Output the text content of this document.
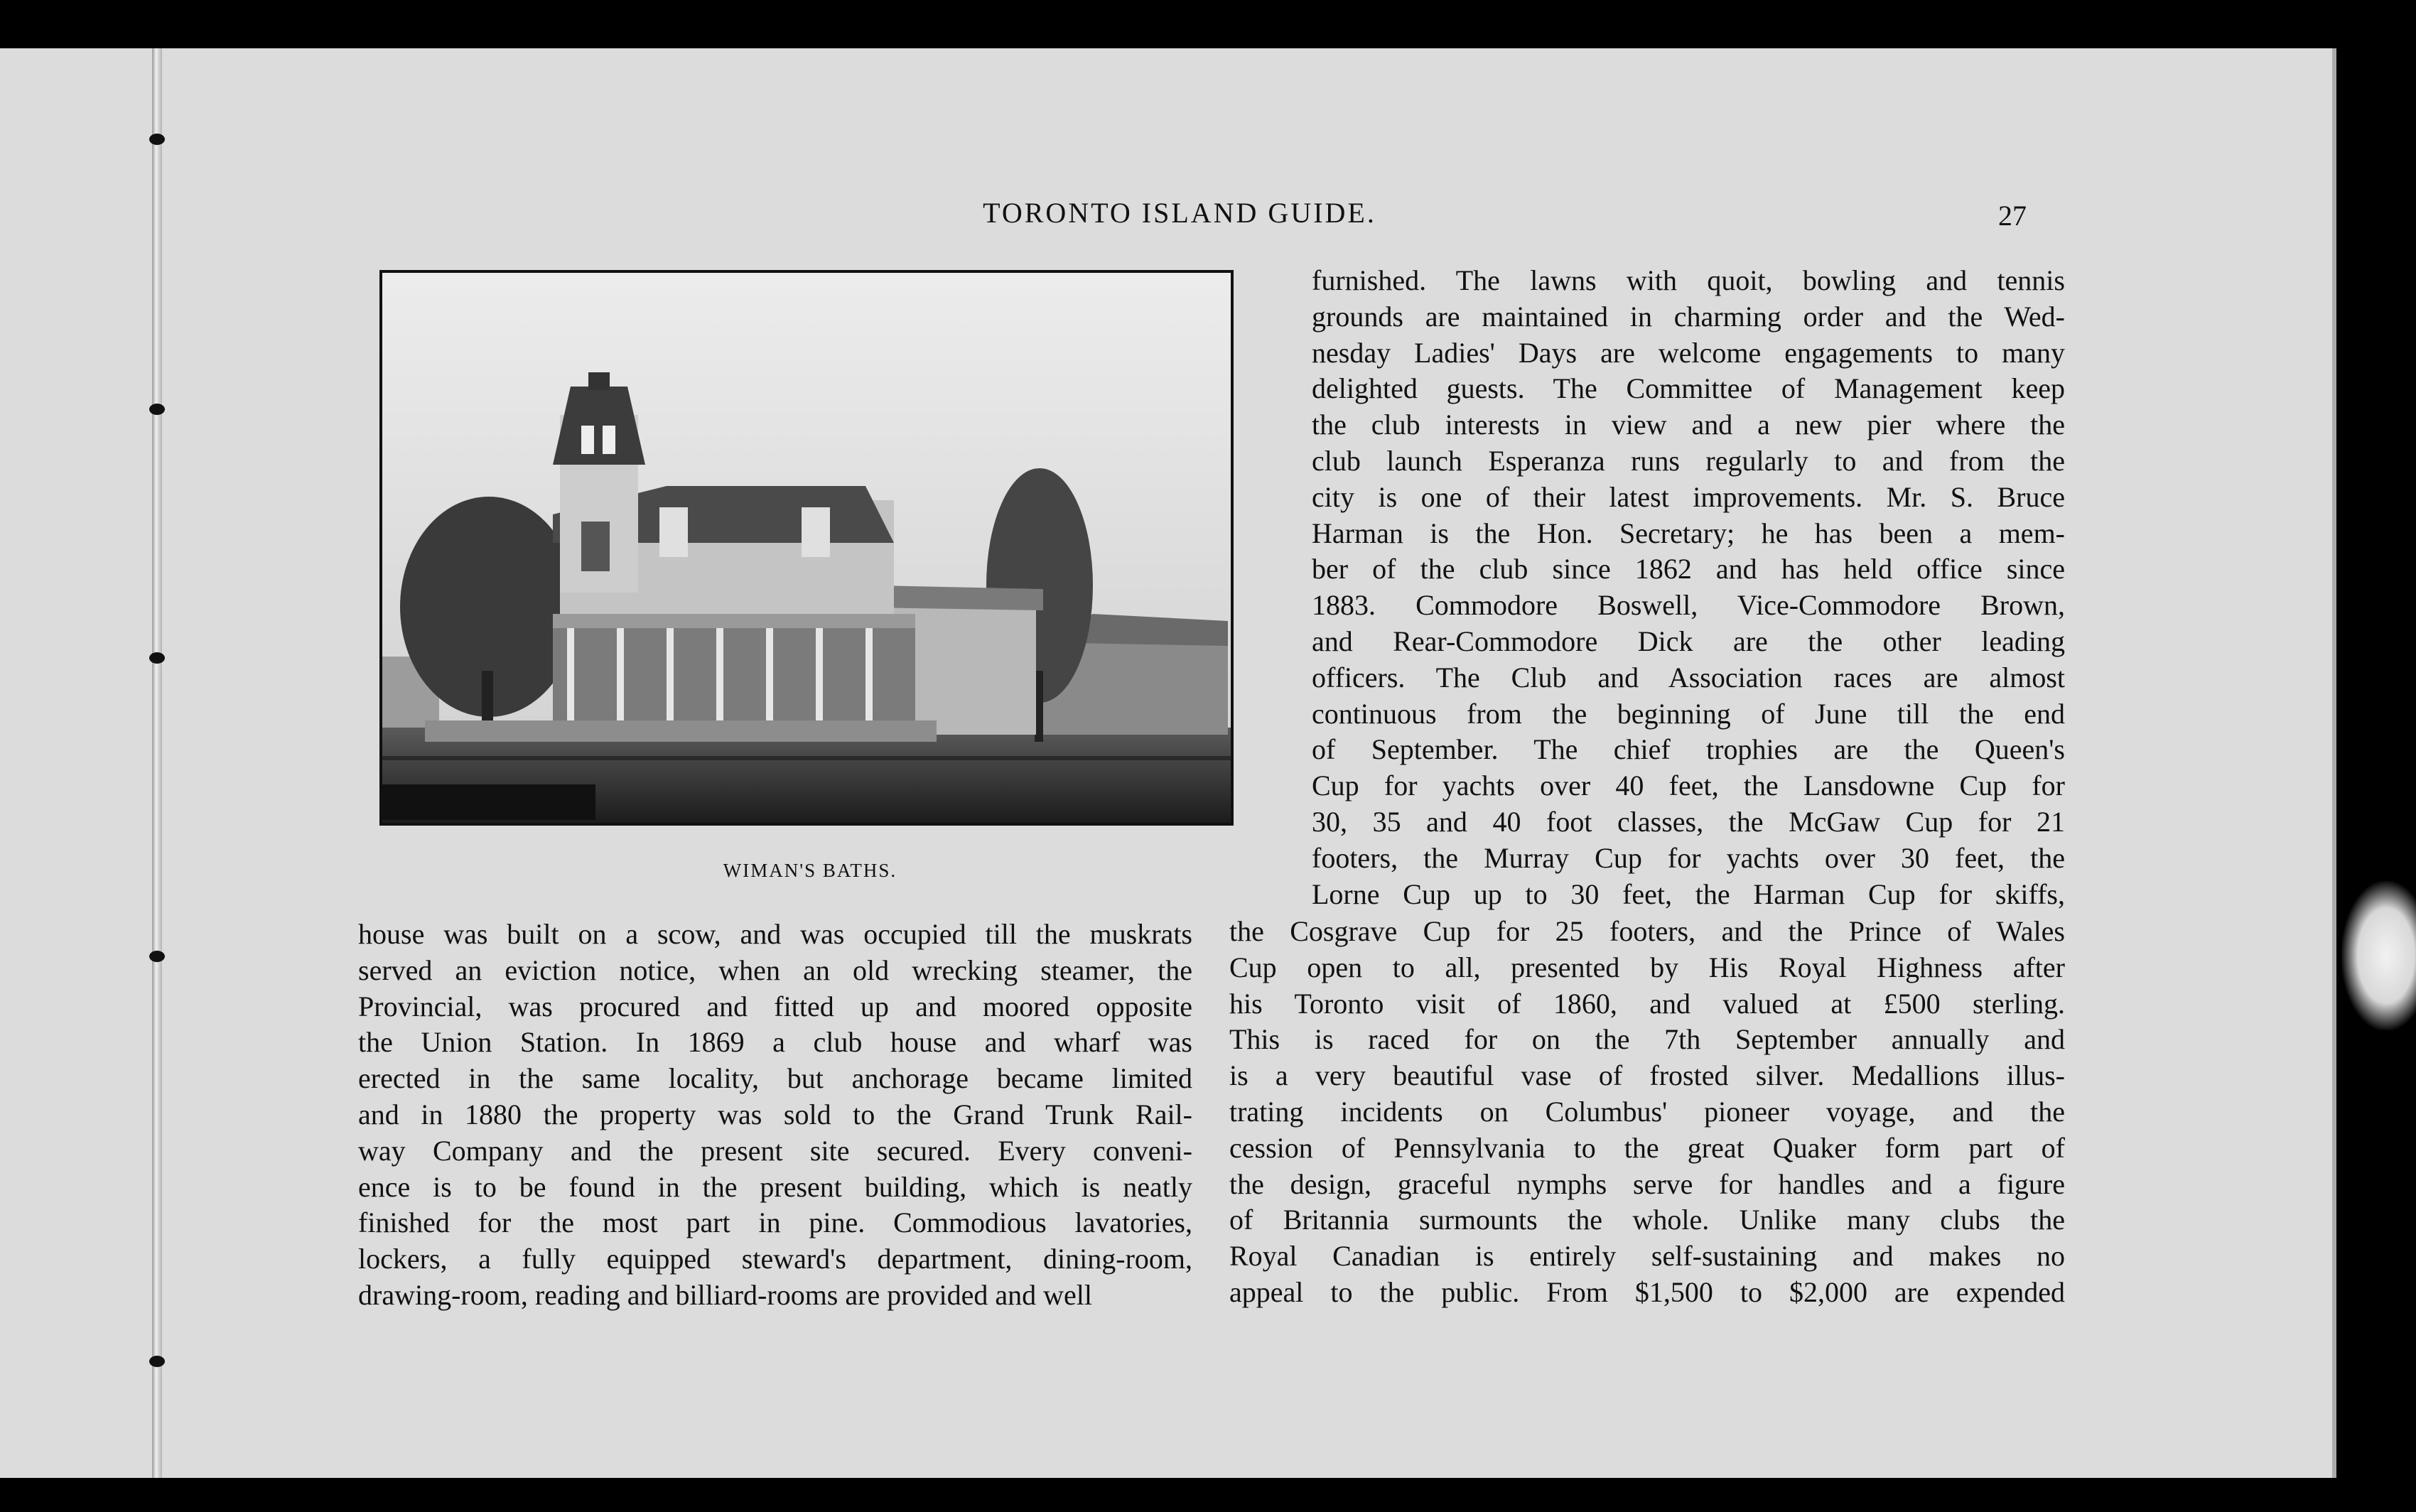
TORONTO ISLAND GUIDE.	27
WIMAN'S BATHS.
furnished. The lawns with quoit, bowling and tennis
grounds are maintained in charming order and the Wed-
nesday Ladies' Days are welcome engagements to many
delighted guests. The Committee of Management keep
the club interests in view and a new pier where the
club launch Esperanza runs regularly to and from the
city is one of their latest improvements. Mr. S. Bruce
Harman is the Hon. Secretary; he has been a mem-
ber of the club since 1862 and has held office since
1883. Commodore Boswell, Vice-Commodore Brown,
and Rear-Commodore Dick are the other leading
officers. The Club and Association races are almost
continuous from the beginning of June till the end
of September. The chief trophies are the Queen's
Cup for yachts over 40 feet, the Lansdowne Cup for
30, 35 and 40 foot classes, the McGaw Cup for 21
footers, the Murray Cup for yachts over 30 feet, the
Lorne Cup up to 30 feet, the Harman Cup for skiffs,
the Cosgrave Cup for 25 footers, and the Prince of Wales
Cup open to all, presented by His Royal Highness after
his Toronto visit of 1860, and valued at £500 sterling.
This is raced for on the 7th September annually and
is a very beautiful vase of frosted silver. Medallions illus-
trating incidents on Columbus' pioneer voyage, and the
cession of Pennsylvania to the great Quaker form part of
the design, graceful nymphs serve for handles and a figure
of Britannia surmounts the whole. Unlike many clubs the
Royal Canadian is entirely self-sustaining and makes no
appeal to the public. From $1,500 to $2,000 are expended
house was built on a scow, and was occupied till the muskrats
served an eviction notice, when an old wrecking steamer, the
Provincial, was procured and fitted up and moored opposite
the Union Station. In 1869 a club house and wharf was
erected in the same locality, but anchorage became limited
and in 1880 the property was sold to the Grand Trunk Rail-
way Company and the present site secured. Every conveni-
ence is to be found in the present building, which is neatly
finished for the most part in pine. Commodious lavatories,
lockers, a fully equipped steward's department, dining-room,
drawing-room, reading and billiard-rooms are provided and well
